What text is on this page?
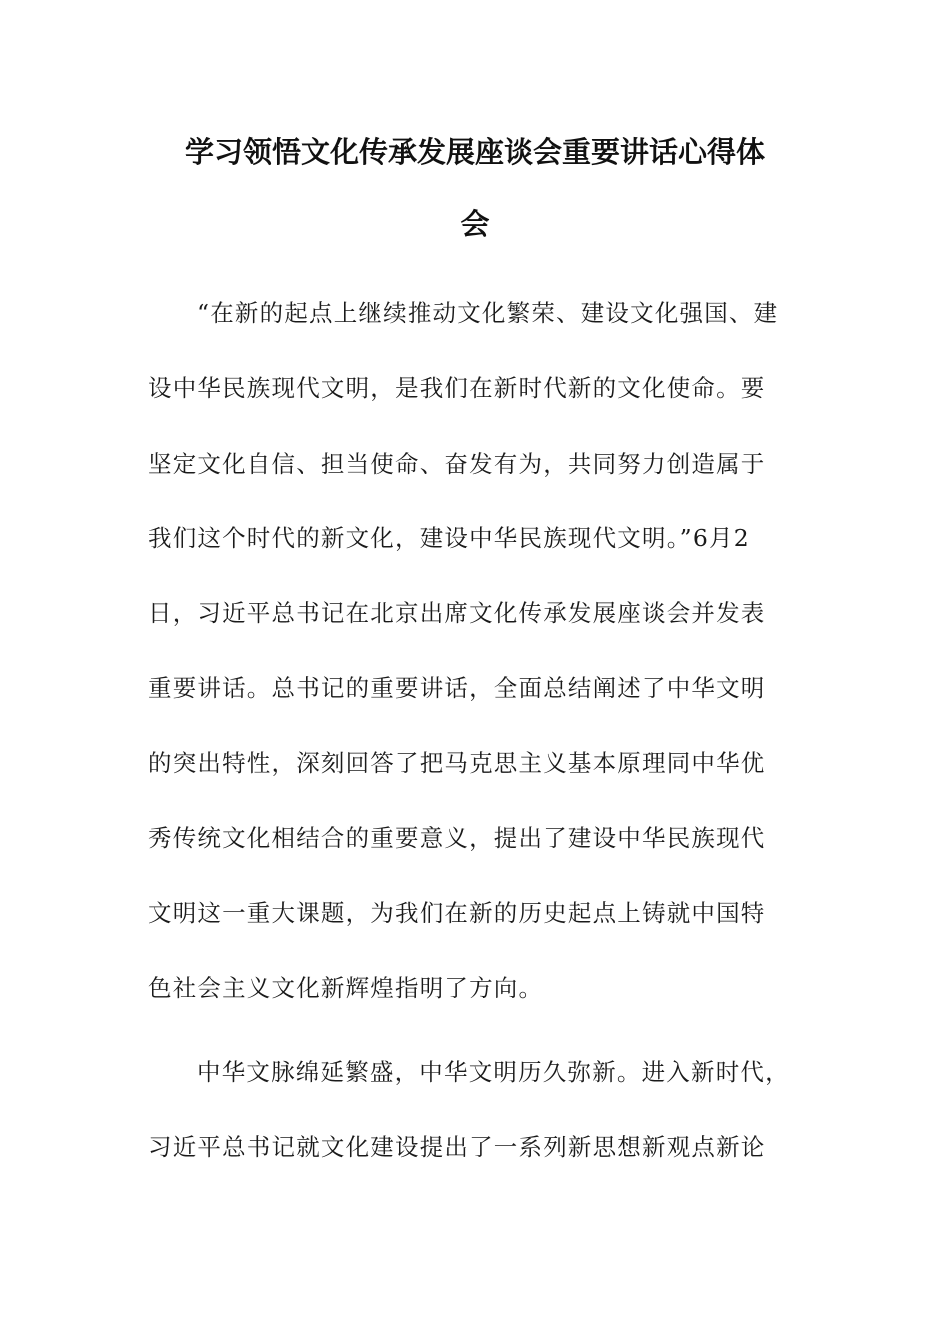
学习领悟文化传承发展座谈会重要讲话心得体
会
“在新的起点上继续推动文化繁荣、建设文化强国、建
设中华民族现代文明，是我们在新时代新的文化使命。要
坚定文化自信、担当使命、奋发有为，共同努力创造属于
我们这个时代的新文化，建设中华民族现代文明。”6月2
日，习近平总书记在北京出席文化传承发展座谈会并发表
重要讲话。总书记的重要讲话，全面总结阐述了中华文明
的突出特性，深刻回答了把马克思主义基本原理同中华优
秀传统文化相结合的重要意义，提出了建设中华民族现代
文明这一重大课题，为我们在新的历史起点上铸就中国特
色社会主义文化新辉煌指明了方向。
中华文脉绵延繁盛，中华文明历久弥新。进入新时代，
习近平总书记就文化建设提出了一系列新思想新观点新论
